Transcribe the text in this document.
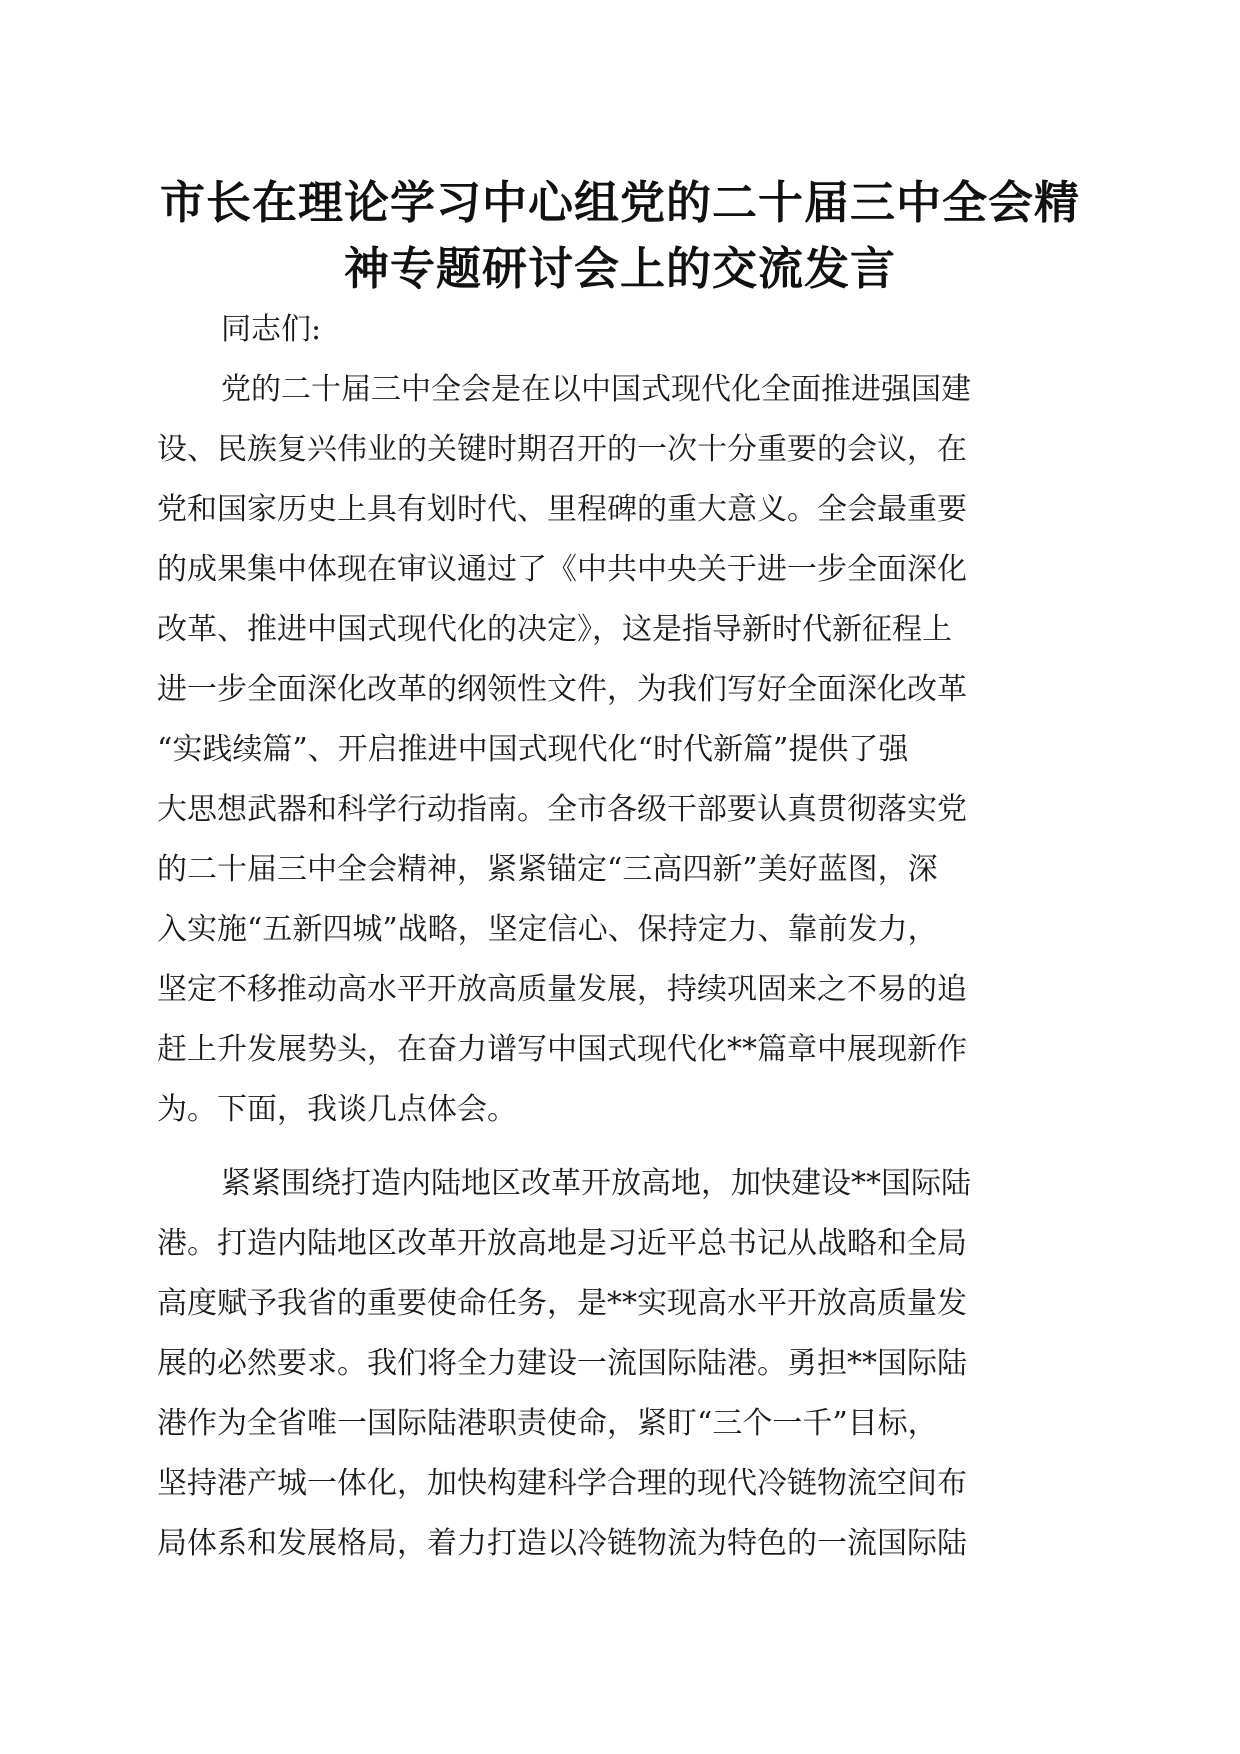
市长在理论学习中心组党的二十届三中全会精
神专题研讨会上的交流发言
同志们:

党的二十届三中全会是在以中国式现代化全面推进强国建
设、民族复兴伟业的关键时期召开的一次十分重要的会议，在
党和国家历史上具有划时代、里程碑的重大意义。全会最重要
的成果集中体现在审议通过了《中共中央关于进一步全面深化
改革、推进中国式现代化的决定》，这是指导新时代新征程上
进一步全面深化改革的纲领性文件，为我们写好全面深化改革
“实践续篇”、开启推进中国式现代化“时代新篇”提供了强
大思想武器和科学行动指南。全市各级干部要认真贯彻落实党
的二十届三中全会精神，紧紧锚定“三高四新”美好蓝图，深
入实施“五新四城”战略，坚定信心、保持定力、靠前发力，
坚定不移推动高水平开放高质量发展，持续巩固来之不易的追
赶上升发展势头，在奋力谱写中国式现代化**篇章中展现新作
为。下面，我谈几点体会。

紧紧围绕打造内陆地区改革开放高地，加快建设**国际陆
港。打造内陆地区改革开放高地是习近平总书记从战略和全局
高度赋予我省的重要使命任务，是**实现高水平开放高质量发
展的必然要求。我们将全力建设一流国际陆港。勇担**国际陆
港作为全省唯一国际陆港职责使命，紧盯“三个一千”目标，
坚持港产城一体化，加快构建科学合理的现代冷链物流空间布
局体系和发展格局，着力打造以冷链物流为特色的一流国际陆
